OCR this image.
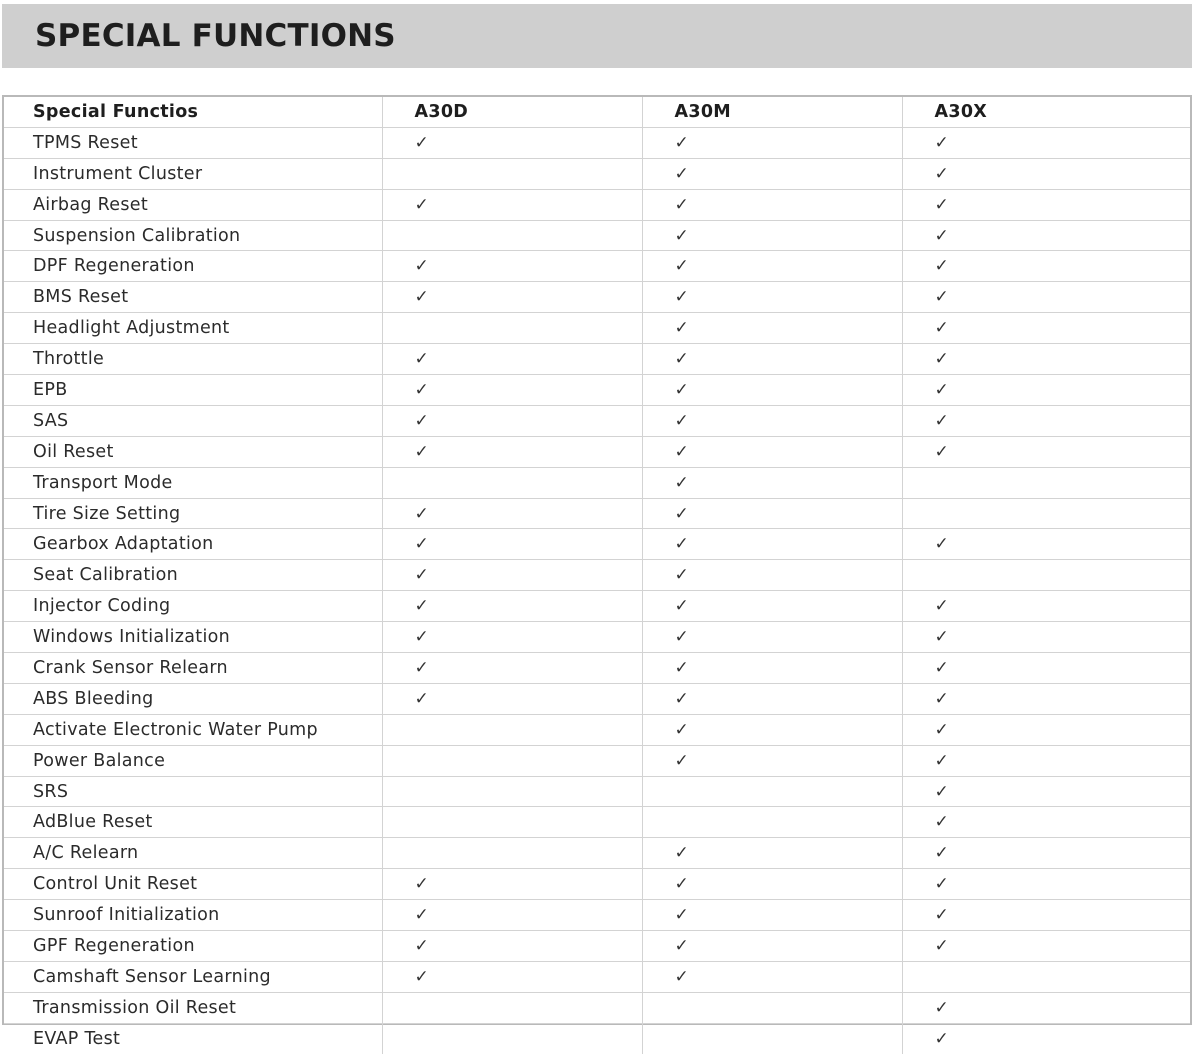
SPECIAL FUNCTIONS
Special Functios	A30D	A30M	A30X
TPMS Reset	✓	✓	✓
Instrument Cluster		✓	✓
Airbag Reset	✓	✓	✓
Suspension Calibration		✓	✓
DPF Regeneration	✓	✓	✓
BMS Reset	✓	✓	✓
Headlight Adjustment		✓	✓
Throttle	✓	✓	✓
EPB	✓	✓	✓
SAS	✓	✓	✓
Oil Reset	✓	✓	✓
Transport Mode		✓	
Tire Size Setting	✓	✓	
Gearbox Adaptation	✓	✓	✓
Seat Calibration	✓	✓	
Injector Coding	✓	✓	✓
Windows Initialization	✓	✓	✓
Crank Sensor Relearn	✓	✓	✓
ABS Bleeding	✓	✓	✓
Activate Electronic Water Pump		✓	✓
Power Balance		✓	✓
SRS			✓
AdBlue Reset			✓
A/C Relearn		✓	✓
Control Unit Reset	✓	✓	✓
Sunroof Initialization	✓	✓	✓
GPF Regeneration	✓	✓	✓
Camshaft Sensor Learning	✓	✓	
Transmission Oil Reset			✓
EVAP Test			✓
